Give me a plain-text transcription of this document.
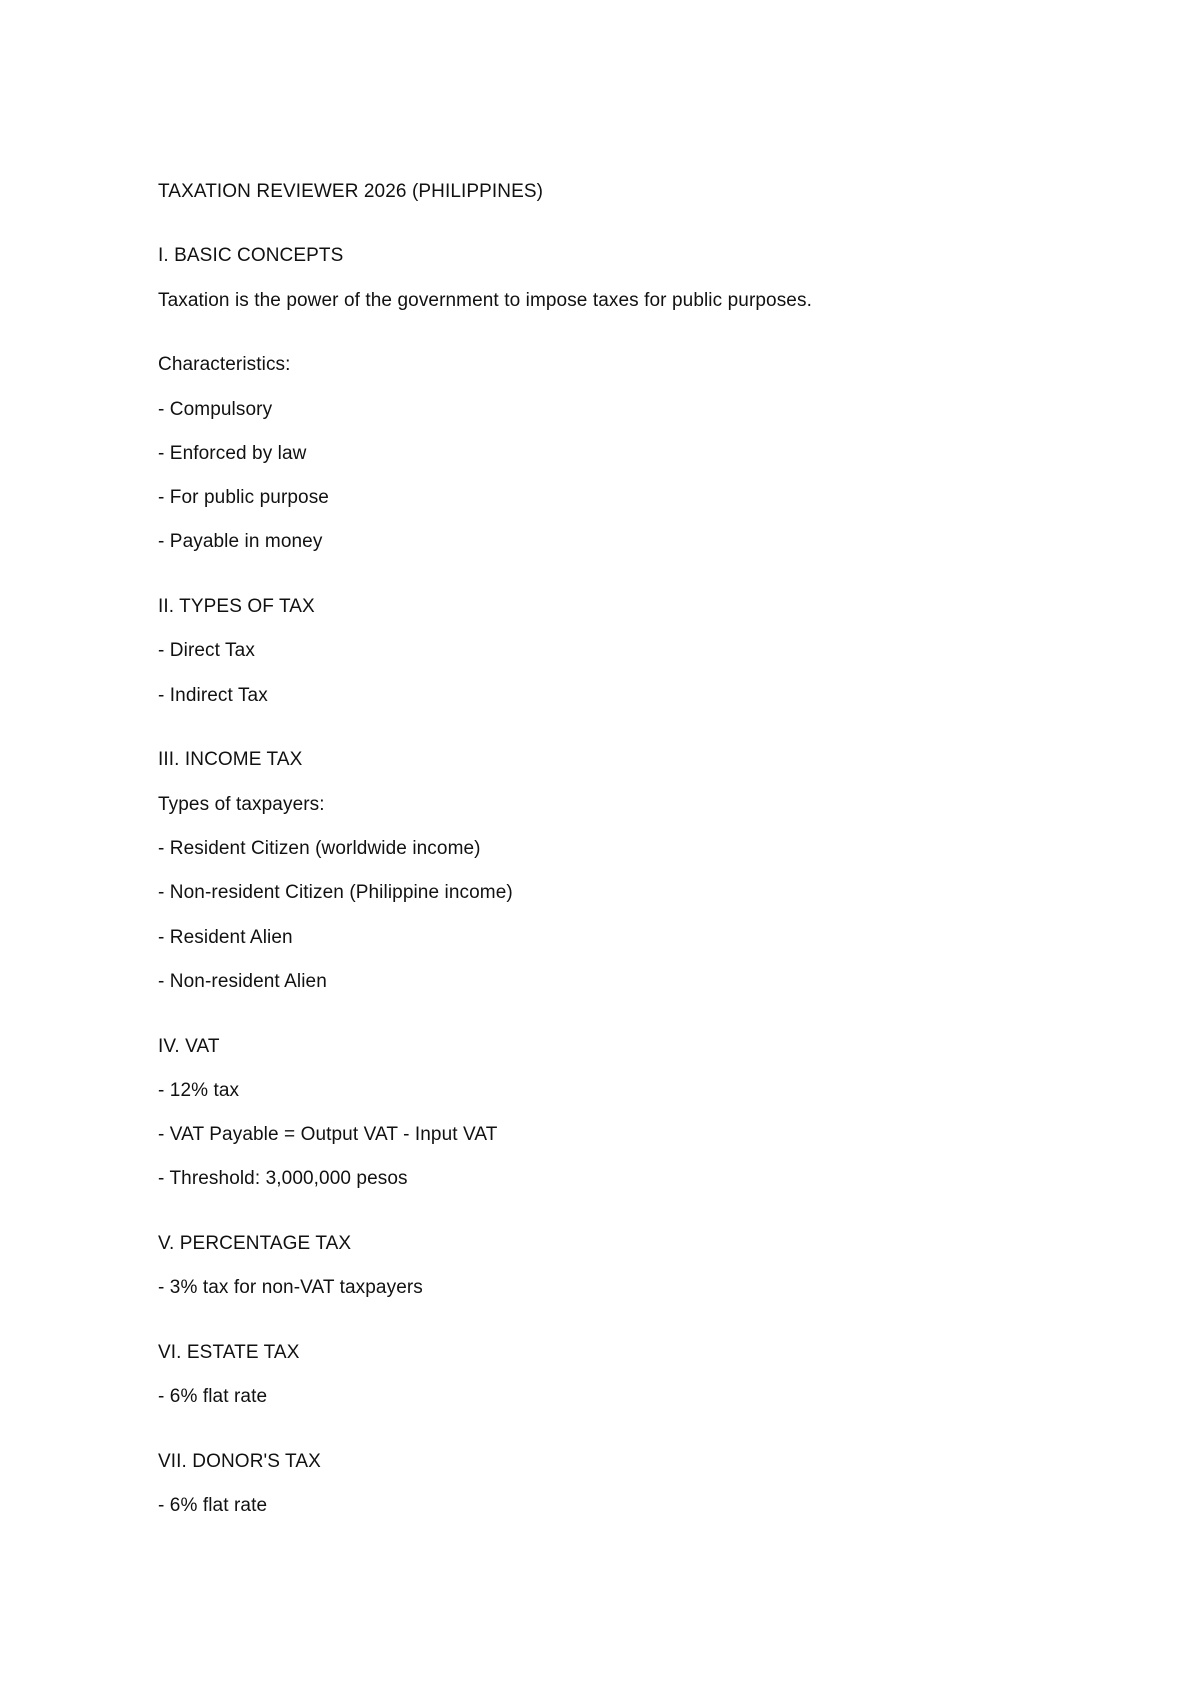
TAXATION REVIEWER 2026 (PHILIPPINES)
I. BASIC CONCEPTS
Taxation is the power of the government to impose taxes for public purposes.
Characteristics:
- Compulsory
- Enforced by law
- For public purpose
- Payable in money
II. TYPES OF TAX
- Direct Tax
- Indirect Tax
III. INCOME TAX
Types of taxpayers:
- Resident Citizen (worldwide income)
- Non-resident Citizen (Philippine income)
- Resident Alien
- Non-resident Alien
IV. VAT
- 12% tax
- VAT Payable = Output VAT - Input VAT
- Threshold: 3,000,000 pesos
V. PERCENTAGE TAX
- 3% tax for non-VAT taxpayers
VI. ESTATE TAX
- 6% flat rate
VII. DONOR'S TAX
- 6% flat rate
